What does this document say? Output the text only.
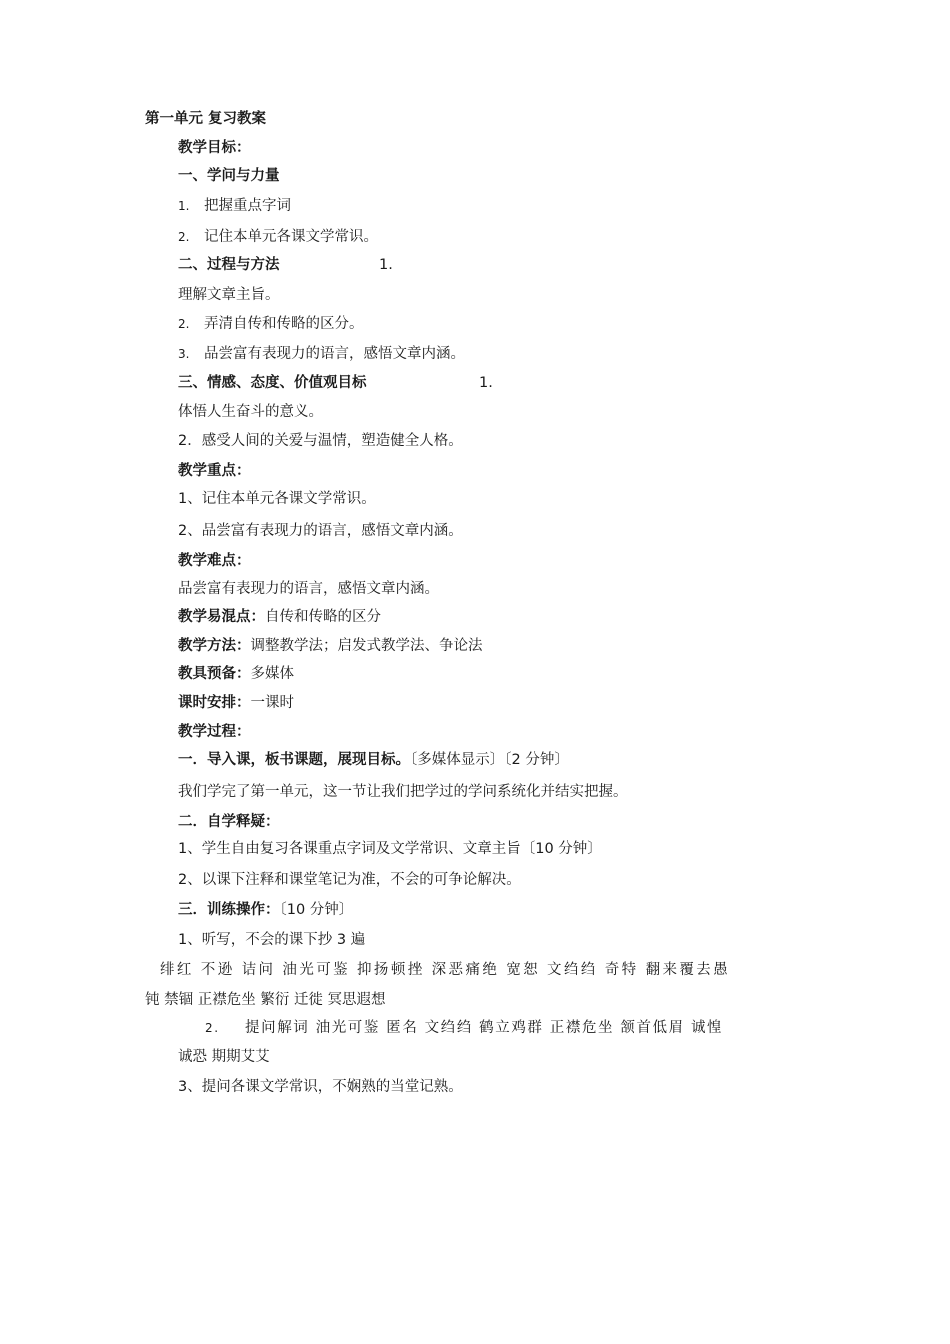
第一单元 复习教案
教学目标：
一、学问与力量
1. 把握重点字词
2. 记住本单元各课文学常识。
二、过程与方法	1.
理解文章主旨。
2. 弄清自传和传略的区分。
3. 品尝富有表现力的语言，感悟文章内涵。
三、情感、态度、价值观目标	1.
体悟人生奋斗的意义。
2．感受人间的关爱与温情，塑造健全人格。
教学重点：
1、记住本单元各课文学常识。
2、品尝富有表现力的语言，感悟文章内涵。
教学难点：
品尝富有表现力的语言，感悟文章内涵。
教学易混点：自传和传略的区分
教学方法：调整教学法；启发式教学法、争论法
教具预备：多媒体
课时安排：一课时
教学过程：
一．导入课，板书课题，展现目标。〔多媒体显示〕〔2 分钟〕
我们学完了第一单元，这一节让我们把学过的学问系统化并结实把握。
二．自学释疑：
1、学生自由复习各课重点字词及文学常识、文章主旨〔10 分钟〕
2、以课下注释和课堂笔记为准，不会的可争论解决。
三．训练操作：〔10 分钟〕
1、听写，不会的课下抄 3 遍
绯红 不逊 诘问 油光可鉴 抑扬顿挫 深恶痛绝 宽恕 文绉绉 奇特 翻来覆去愚
钝 禁锢 正襟危坐 繁衍 迁徙 冥思遐想
2. 提问解词 油光可鉴 匿名 文绉绉 鹤立鸡群 正襟危坐 颔首低眉 诚惶
诚恐 期期艾艾
3、提问各课文学常识，不娴熟的当堂记熟。
